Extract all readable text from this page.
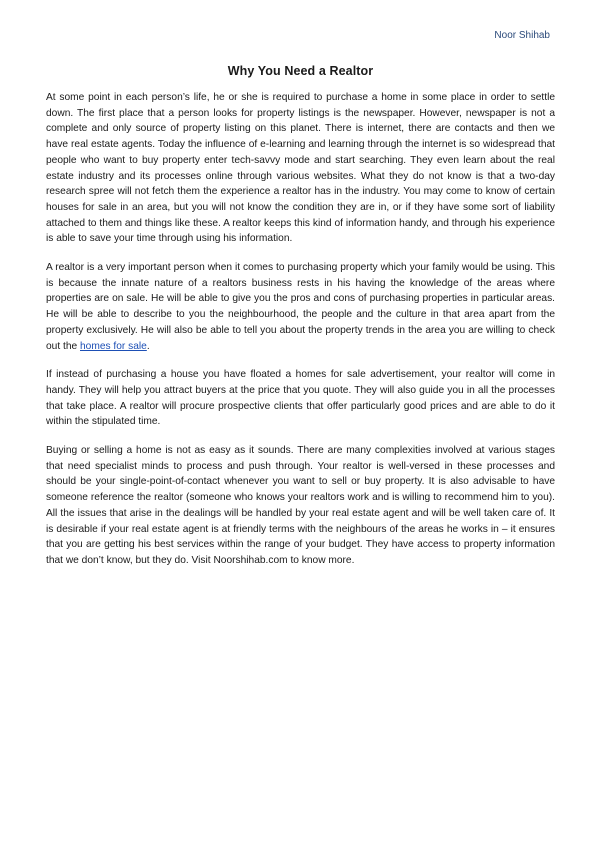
Noor Shihab
Why You Need a Realtor

At some point in each person’s life, he or she is required to purchase a home in some place in order to settle down. The first place that a person looks for property listings is the newspaper. However, newspaper is not a complete and only source of property listing on this planet. There is internet, there are contacts and then we have real estate agents. Today the influence of e-learning and learning through the internet is so widespread that people who want to buy property enter tech-savvy mode and start searching. They even learn about the real estate industry and its processes online through various websites. What they do not know is that a two-day research spree will not fetch them the experience a realtor has in the industry. You may come to know of certain houses for sale in an area, but you will not know the condition they are in, or if they have some sort of liability attached to them and things like these. A realtor keeps this kind of information handy, and through his experience is able to save your time through using his information.

A realtor is a very important person when it comes to purchasing property which your family would be using. This is because the innate nature of a realtors business rests in his having the knowledge of the areas where properties are on sale. He will be able to give you the pros and cons of purchasing properties in particular areas. He will be able to describe to you the neighbourhood, the people and the culture in that area apart from the property exclusively. He will also be able to tell you about the property trends in the area you are willing to check out the homes for sale.

If instead of purchasing a house you have floated a homes for sale advertisement, your realtor will come in handy. They will help you attract buyers at the price that you quote. They will also guide you in all the processes that take place. A realtor will procure prospective clients that offer particularly good prices and are able to do it within the stipulated time.

Buying or selling a home is not as easy as it sounds. There are many complexities involved at various stages that need specialist minds to process and push through. Your realtor is well-versed in these processes and should be your single-point-of-contact whenever you want to sell or buy property. It is also advisable to have someone reference the realtor (someone who knows your realtors work and is willing to recommend him to you). All the issues that arise in the dealings will be handled by your real estate agent and will be well taken care of. It is desirable if your real estate agent is at friendly terms with the neighbours of the areas he works in – it ensures that you are getting his best services within the range of your budget. They have access to property information that we don’t know, but they do. Visit Noorshihab.com to know more.
